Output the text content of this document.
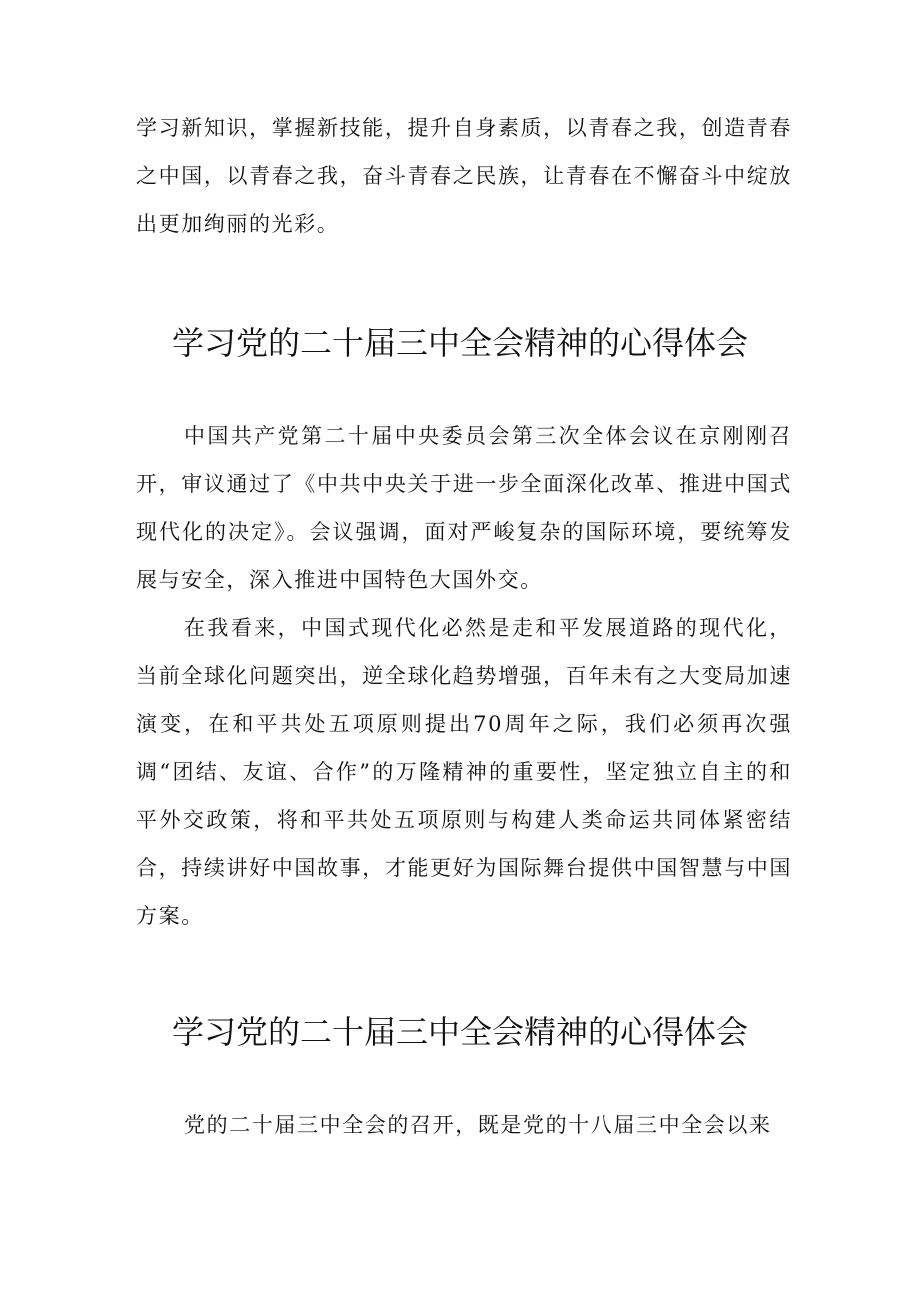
学习新知识，掌握新技能，提升自身素质，以青春之我，创造青春之中国，以青春之我，奋斗青春之民族，让青春在不懈奋斗中绽放出更加绚丽的光彩。

学习党的二十届三中全会精神的心得体会

中国共产党第二十届中央委员会第三次全体会议在京刚刚召开，审议通过了《中共中央关于进一步全面深化改革、推进中国式现代化的决定》。会议强调，面对严峻复杂的国际环境，要统筹发展与安全，深入推进中国特色大国外交。

在我看来，中国式现代化必然是走和平发展道路的现代化，当前全球化问题突出，逆全球化趋势增强，百年未有之大变局加速演变，在和平共处五项原则提出70周年之际，我们必须再次强调“团结、友谊、合作”的万隆精神的重要性，坚定独立自主的和平外交政策，将和平共处五项原则与构建人类命运共同体紧密结合，持续讲好中国故事，才能更好为国际舞台提供中国智慧与中国方案。

学习党的二十届三中全会精神的心得体会

党的二十届三中全会的召开，既是党的十八届三中全会以来
